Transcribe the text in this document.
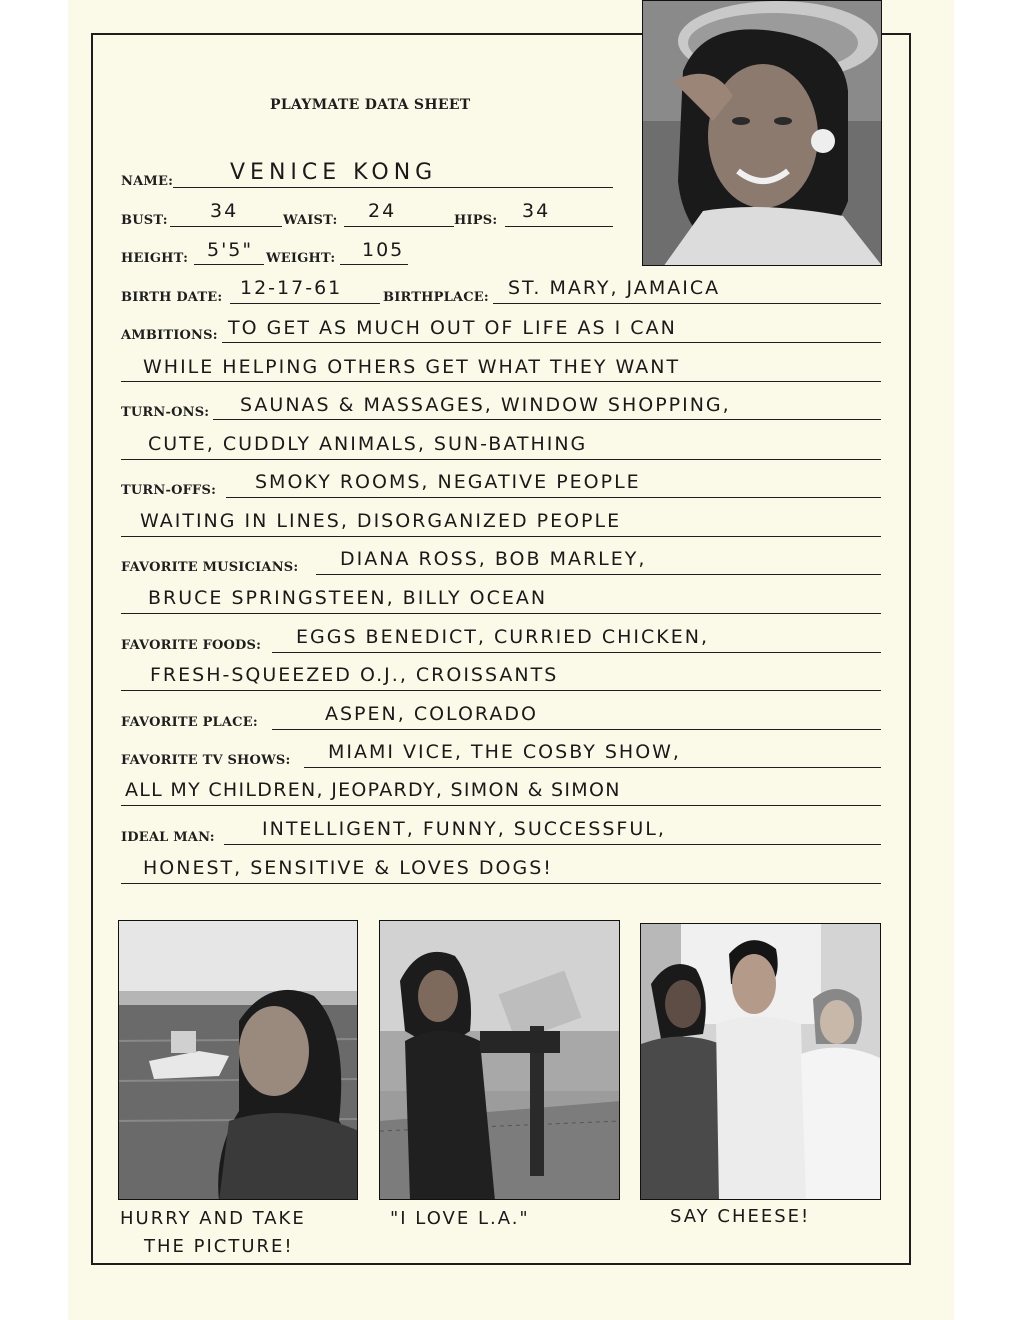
PLAYMATE DATA SHEET
NAME:	VENICE KONG
BUST: 34	WAIST: 24	HIPS: 34
HEIGHT: 5'5" WEIGHT: 105
BIRTH DATE: 12-17-61	BIRTHPLACE: ST. MARY, JAMAICA
AMBITIONS: TO GET AS MUCH OUT OF LIFE AS I CAN
WHILE HELPING OTHERS GET WHAT THEY WANT
TURN-ONS: SAUNAS & MASSAGES, WINDOW SHOPPING,
CUTE, CUDDLY ANIMALS, SUN-BATHING
TURN-OFFS: SMOKY ROOMS, NEGATIVE PEOPLE
WAITING IN LINES, DISORGANIZED PEOPLE
FAVORITE MUSICIANS: DIANA ROSS, BOB MARLEY,
BRUCE SPRINGSTEEN, BILLY OCEAN
FAVORITE FOODS: EGGS BENEDICT, CURRIED CHICKEN,
FRESH-SQUEEZED O.J., CROISSANTS
FAVORITE PLACE:	ASPEN, COLORADO
FAVORITE TV SHOWS: MIAMI VICE, THE COSBY SHOW,
ALL MY CHILDREN, JEOPARDY, SIMON & SIMON
IDEAL MAN: INTELLIGENT, FUNNY, SUCCESSFUL,
HONEST, SENSITIVE & LOVES DOGS!
HURRY AND TAKE
THE PICTURE!
"I LOVE L.A."	SAY CHEESE!
